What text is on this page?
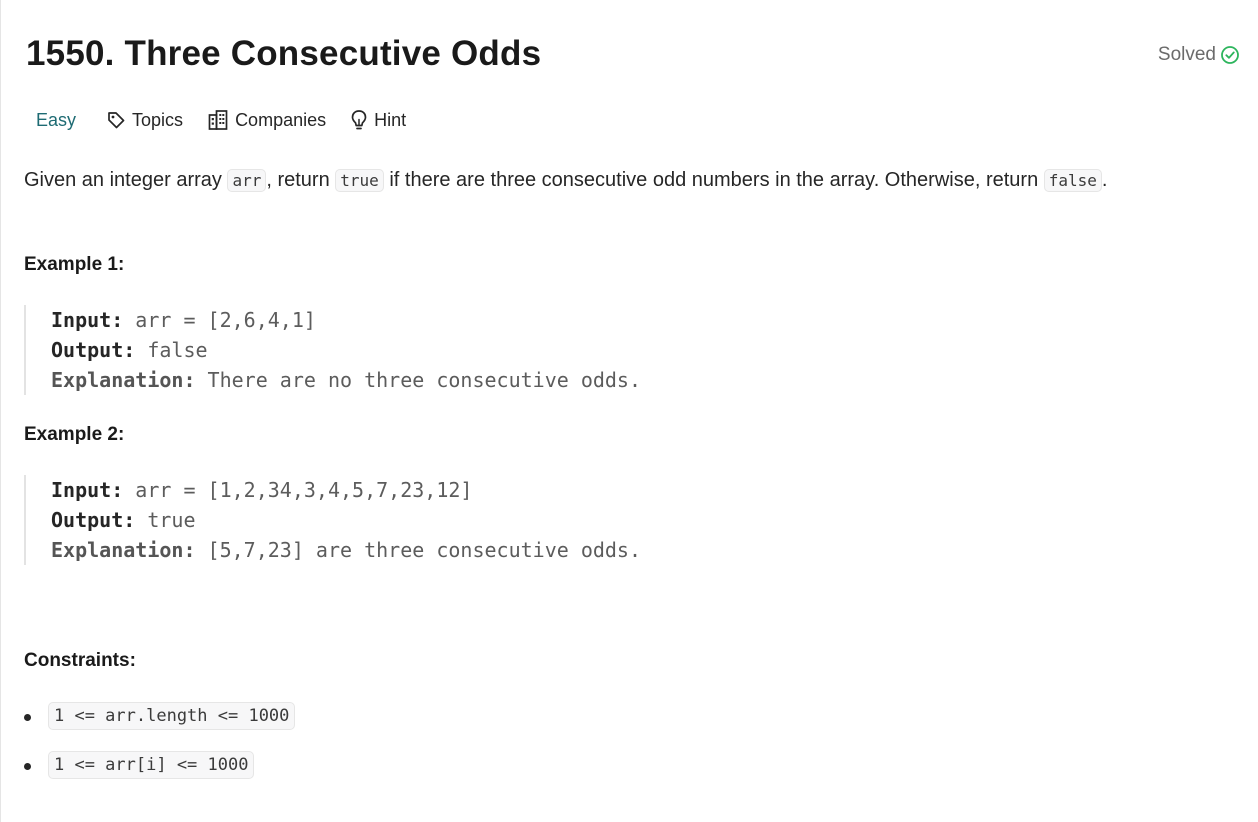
1550. Three Consecutive Odds	Solved
Easy	Topics	Companies	Hint
Given an integer array arr , return true if there are three consecutive odd numbers in the array. Otherwise, return false .
Example 1:
Input: arr = [2,6,4,1]
Output: false
Explanation: There are no three consecutive odds.
Example 2:
Input: arr = [1,2,34,3,4,5,7,23,12]
Output: true
Explanation: [5,7,23] are three consecutive odds.
Constraints:
1 <= arr.length <= 1000
1 <= arr[i] <= 1000
